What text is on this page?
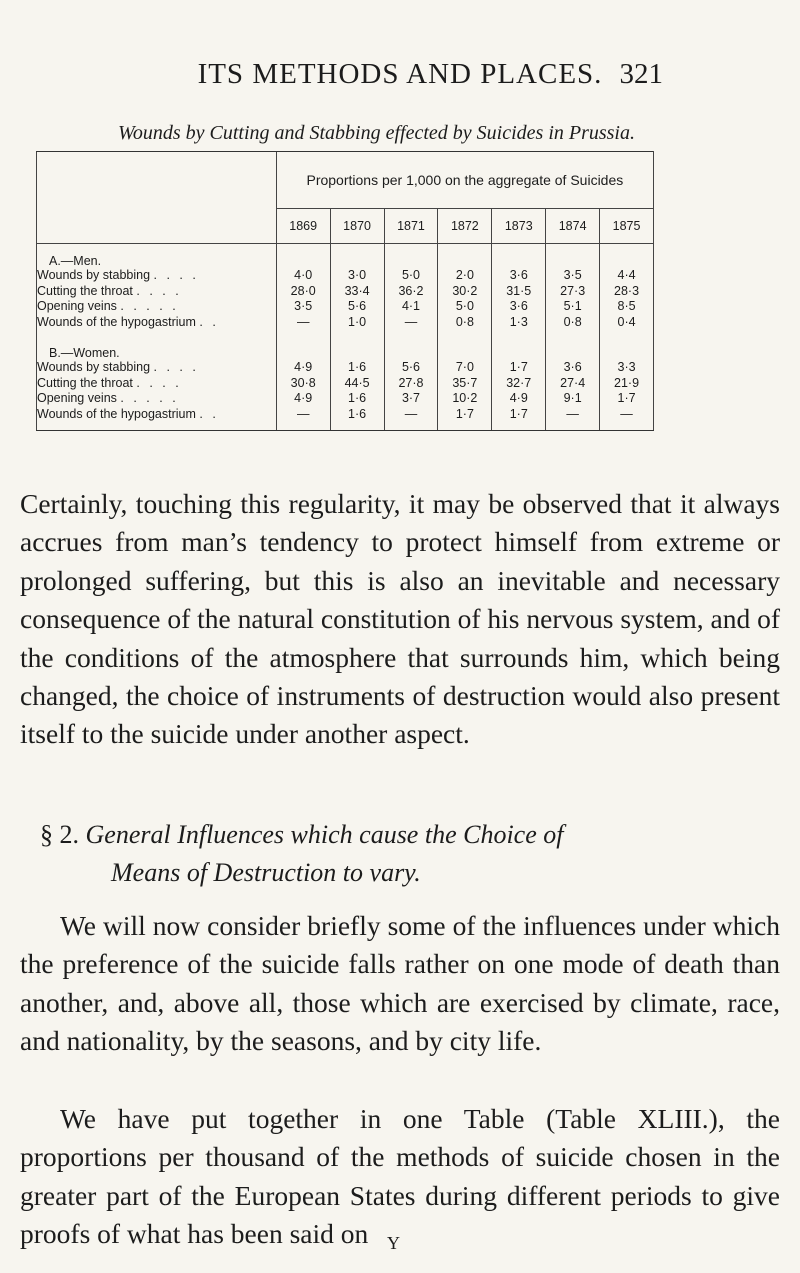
ITS METHODS AND PLACES. 321
Wounds by Cutting and Stabbing effected by Suicides in Prussia.
	Proportions per 1,000 on the aggregate of Suicides						
	1869	1870	1871	1872	1873	1874	1875
A.—Men.							
Wounds by stabbing . . . .	4·0	3·0	5·0	2·0	3·6	3·5	4·4
Cutting the throat . . . .	28·0	33·4	36·2	30·2	31·5	27·3	28·3
Opening veins . . . . .	3·5	5·6	4·1	5·0	3·6	5·1	8·5
Wounds of the hypogastrium . .	—	1·0	—	0·8	1·3	0·8	0·4

B.—Women.							
Wounds by stabbing . . . .	4·9	1·6	5·6	7·0	1·7	3·6	3·3
Cutting the throat . . . .	30·8	44·5	27·8	35·7	32·7	27·4	21·9
Opening veins . . . . .	4·9	1·6	3·7	10·2	4·9	9·1	1·7
Wounds of the hypogastrium . .	—	1·6	—	1·7	1·7	—	—

Certainly, touching this regularity, it may be observed that it always accrues from man’s tendency to protect himself from extreme or prolonged suffering, but this is also an inevitable and necessary consequence of the natural constitution of his nervous system, and of the conditions of the atmosphere that surrounds him, which being changed, the choice of instruments of destruction would also present itself to the suicide under another aspect.

§ 2. General Influences which cause the Choice of
Means of Destruction to vary.

We will now consider briefly some of the influences under which the preference of the suicide falls rather on one mode of death than another, and, above all, those which are exercised by climate, race, and nationality, by the seasons, and by city life.

We have put together in one Table (Table XLIII.), the proportions per thousand of the methods of suicide chosen in the greater part of the European States during different periods to give proofs of what has been said on	Y
